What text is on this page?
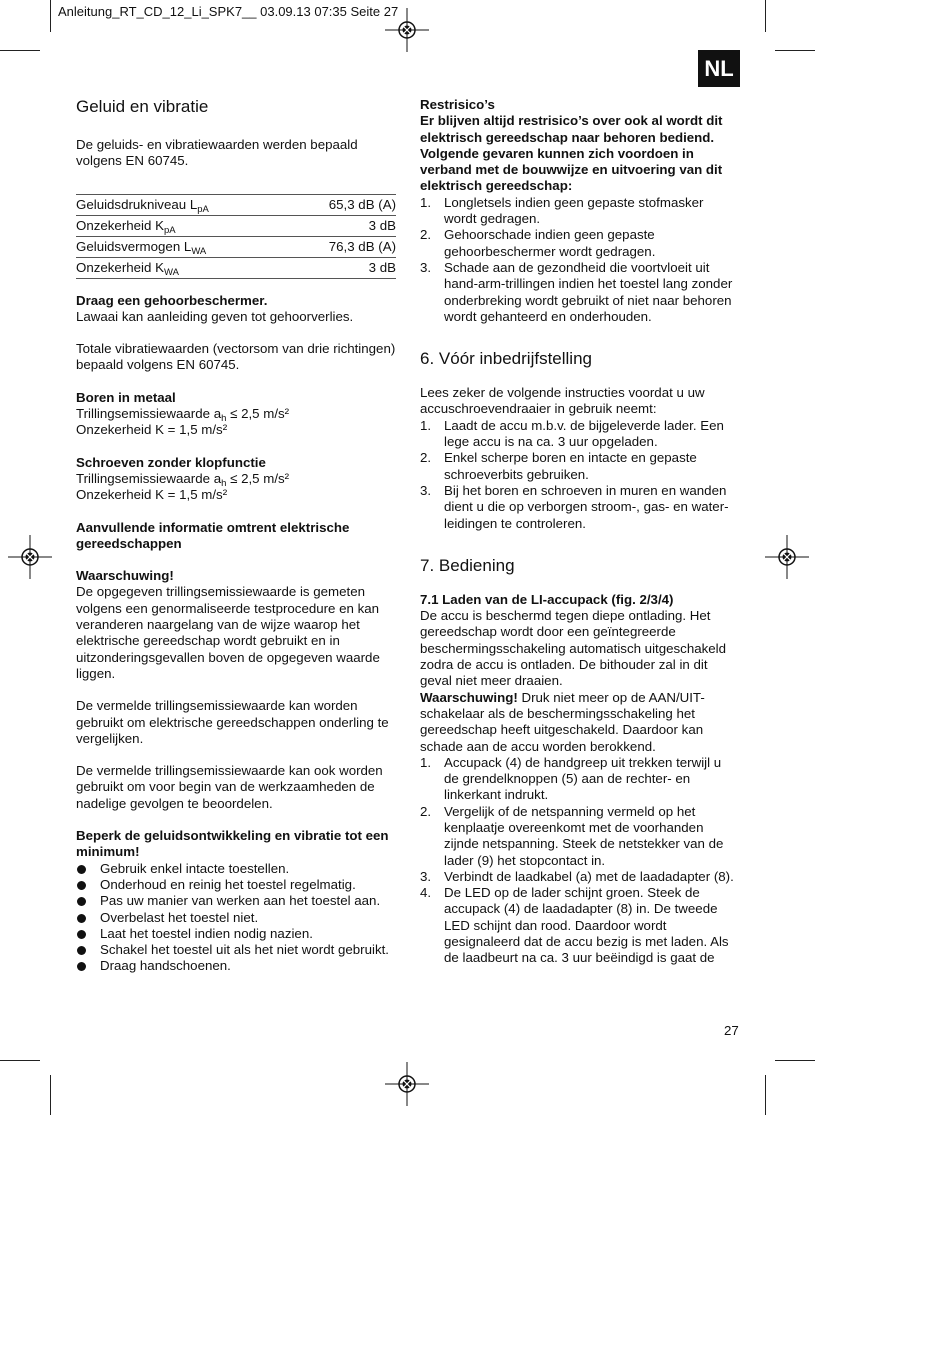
Anleitung_RT_CD_12_Li_SPK7__ 03.09.13 07:35 Seite 27
NL
Geluid en vibratie

De geluids- en vibratiewaarden werden bepaald volgens EN 60745.

Geluidsdrukniveau $L_{pA}$	65,3 dB (A)
Onzekerheid $K_{pA}$	3 dB
Geluidsvermogen $L_{WA}$	76,3 dB (A)
Onzekerheid $K_{WA}$	3 dB

Draag een gehoorbeschermer.

Lawaai kan aanleiding geven tot gehoorverlies.

Totale vibratiewaarden (vectorsom van drie richtingen) bepaald volgens EN 60745.

Boren in metaal

Trillingsemissiewaarde $a_h \le 2,5$ m/s²

Onzekerheid K = 1,5 m/s²

Schroeven zonder klopfunctie

Trillingsemissiewaarde $a_h \le 2,5$ m/s²

Onzekerheid K = 1,5 m/s²

Aanvullende informatie omtrent elektrische gereedschappen

Waarschuwing!

De opgegeven trillingsemissiewaarde is gemeten volgens een genormaliseerde testprocedure en kan veranderen naargelang van de wijze waarop het elektrische gereedschap wordt gebruikt en in uitzonderingsgevallen boven de opgegeven waarde liggen.

De vermelde trillingsemissiewaarde kan worden gebruikt om elektrische gereedschappen onderling te vergelijken.

De vermelde trillingsemissiewaarde kan ook worden gebruikt om voor begin van de werkzaamheden de nadelige gevolgen te beoordelen.

Beperk de geluidsontwikkeling en vibratie tot een minimum!

Gebruik enkel intacte toestellen.
Onderhoud en reinig het toestel regelmatig.
Pas uw manier van werken aan het toestel aan.
Overbelast het toestel niet.
Laat het toestel indien nodig nazien.
Schakel het toestel uit als het niet wordt gebruikt.
Draag handschoenen.

Restrisico’s

Er blijven altijd restrisico’s over ook al wordt dit elektrisch gereedschap naar behoren bediend. Volgende gevaren kunnen zich voordoen in verband met de bouwwijze en uitvoering van dit elektrisch gereedschap:

1. Longletsels indien geen gepaste stofmasker wordt gedragen.
2. Gehoorschade indien geen gepaste gehoorbeschermer wordt gedragen.
3. Schade aan de gezondheid die voortvloeit uit hand-arm-trillingen indien het toestel lang zonder onderbreking wordt gebruikt of niet naar behoren wordt gehanteerd en onderhouden.
6. Vóór inbedrijfstelling

Lees zeker de volgende instructies voordat u uw accuschroevendraaier in gebruik neemt:

1. Laadt de accu m.b.v. de bijgeleverde lader. Een lege accu is na ca. 3 uur opgeladen.
2. Enkel scherpe boren en intacte en gepaste schroeverbits gebruiken.
3. Bij het boren en schroeven in muren en wanden dient u die op verborgen stroom-, gas- en water-leidingen te controleren.
7. Bediening

7.1 Laden van de LI-accupack (fig. 2/3/4)

De accu is beschermd tegen diepe ontlading. Het gereedschap wordt door een geïntegreerde beschermingsschakeling automatisch uitgeschakeld zodra de accu is ontladen. De bithouder zal in dit geval niet meer draaien.

Waarschuwing! Druk niet meer op de AAN/UIT-schakelaar als de beschermingsschakeling het gereedschap heeft uitgeschakeld. Daardoor kan schade aan de accu worden berokkend.

1. Accupack (4) de handgreep uit trekken terwijl u de grendelknoppen (5) aan de rechter- en linkerkant indrukt.
2. Vergelijk of de netspanning vermeld op het kenplaatje overeenkomt met de voorhanden zijnde netspanning. Steek de netstekker van de lader (9) het stopcontact in.
3. Verbindt de laadkabel (a) met de laadadapter (8).
4. De LED op de lader schijnt groen. Steek de accupack (4) de laadadapter (8) in. De tweede LED schijnt dan rood. Daardoor wordt gesignaleerd dat de accu bezig is met laden. Als de laadbeurt na ca. 3 uur beëindigd is gaat de
27
